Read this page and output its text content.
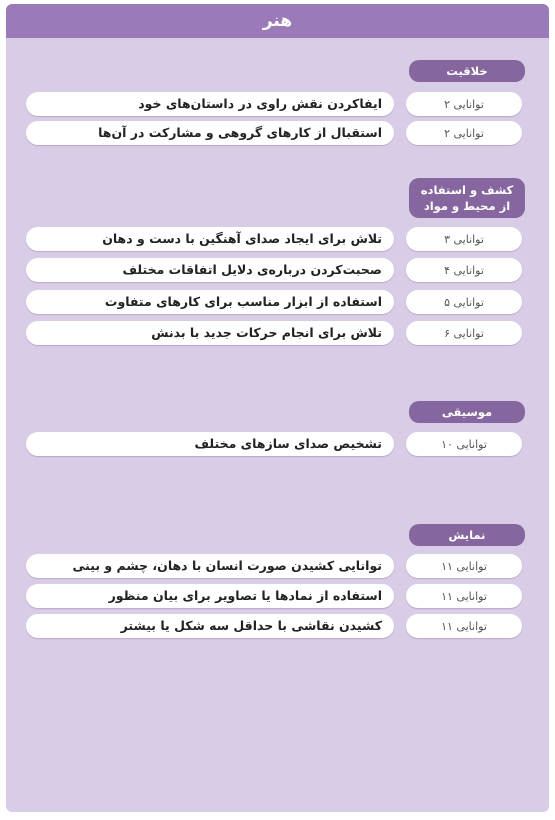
هنر
خلاقیت
ایفاکردن نقش راوی در داستان‌های خود	توانایی ۲
استقبال از کارهای گروهی و مشارکت در آن‌ها	توانایی ۲
کشف و استفاده
از محیط و مواد
تلاش برای ایجاد صدای آهنگین با دست و دهان	توانایی ۳
صحبت‌کردن درباره‌ی دلایل اتفاقات مختلف	توانایی ۴
استفاده از ابزار مناسب برای کارهای متفاوت	توانایی ۵
تلاش برای انجام حرکات جدید با بدنش	توانایی ۶
موسیقی
تشخیص صدای سازهای مختلف	توانایی ۱۰
نمایش
توانایی کشیدن صورت انسان با دهان، چشم و بینی	توانایی ۱۱
استفاده از نمادها یا تصاویر برای بیان منظور	توانایی ۱۱
کشیدن نقاشی با حداقل سه شکل یا بیشتر	توانایی ۱۱
